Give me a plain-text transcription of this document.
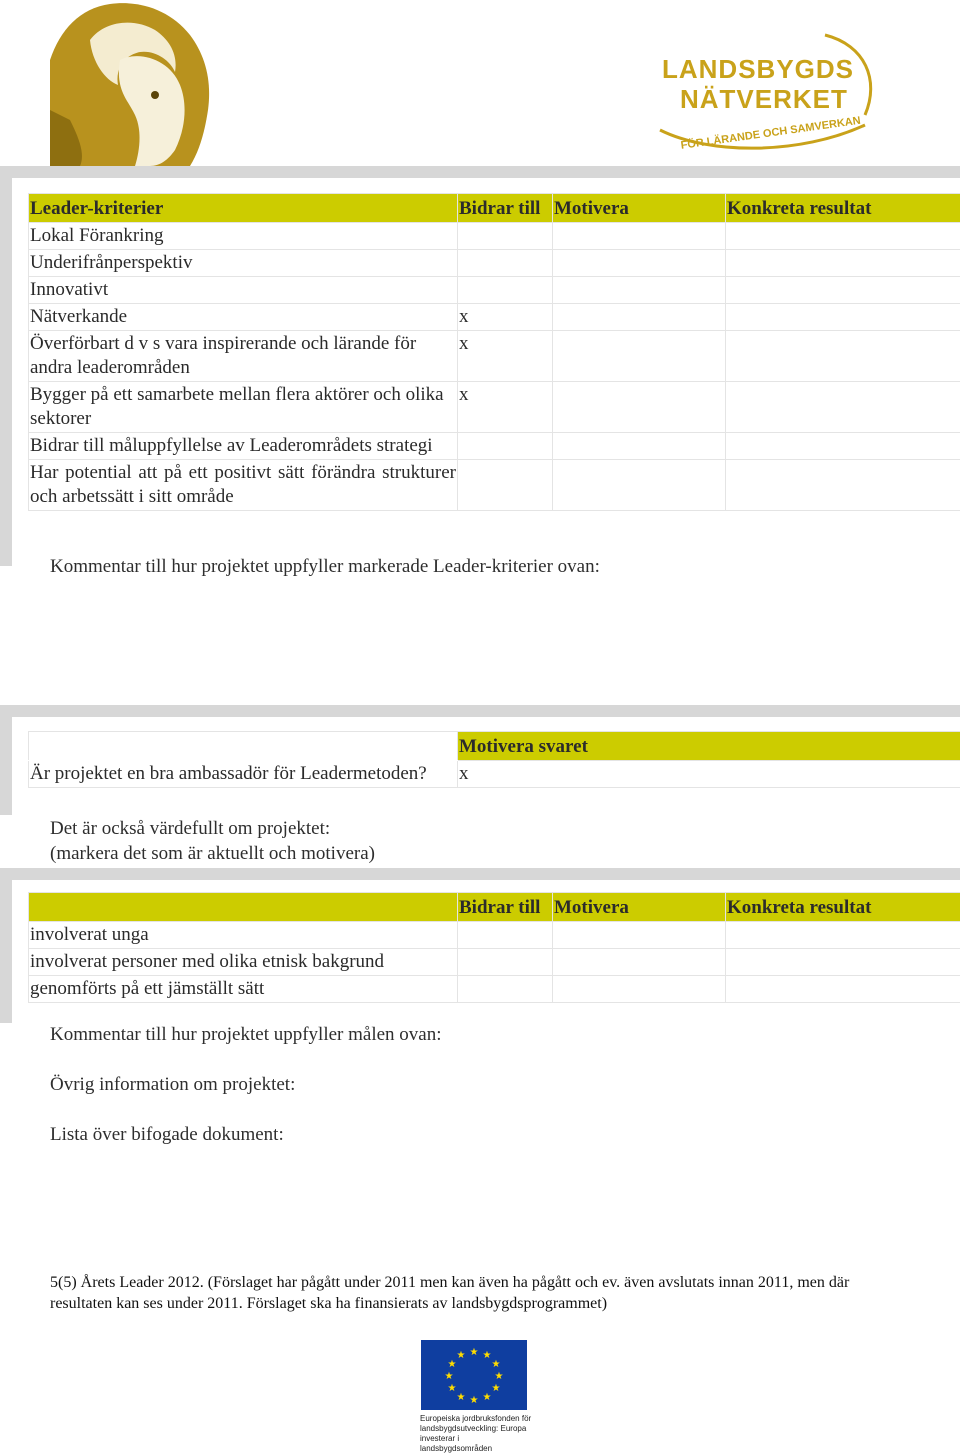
LANDSBYGDS
NÄTVERKET
FÖR LÄRANDE OCH SAMVERKAN
Leader-kriterier	Bidrar till	Motivera	Konkreta resultat
Lokal Förankring			
Underifrånperspektiv			
Innovativt			
Nätverkande	x		
Överförbart d v s vara inspirerande och lärande för andra leaderområden	x		
Bygger på ett samarbete mellan flera aktörer och olika sektorer	x		
Bidrar till måluppfyllelse av Leaderområdets strategi			
Har potential att på ett positivt sätt förändra strukturer och arbetssätt i sitt område			
Kommentar till hur projektet uppfyller markerade Leader-kriterier ovan:
	Motivera svaret
Är projektet en bra ambassadör för Leadermetoden?	x
Det är också värdefullt om projektet:
(markera det som är aktuellt och motivera)
	Bidrar till	Motivera	Konkreta resultat
involverat unga			
involverat personer med olika etnisk bakgrund			
genomförts på ett jämställt sätt			
Kommentar till hur projektet uppfyller målen ovan:
Övrig information om projektet:
Lista över bifogade dokument:
5(5) Årets Leader 2012. (Förslaget har pågått under 2011 men kan även ha pågått och ev. även avslutats innan 2011, men där resultaten kan ses under 2011. Förslaget ska ha finansierats av landsbygdsprogrammet)
★ ★
★
★
★
★
★
★
★
★
★
★
Europeiska jordbruksfonden för
landsbygdsutveckling: Europa
investerar i landsbygdsområden
